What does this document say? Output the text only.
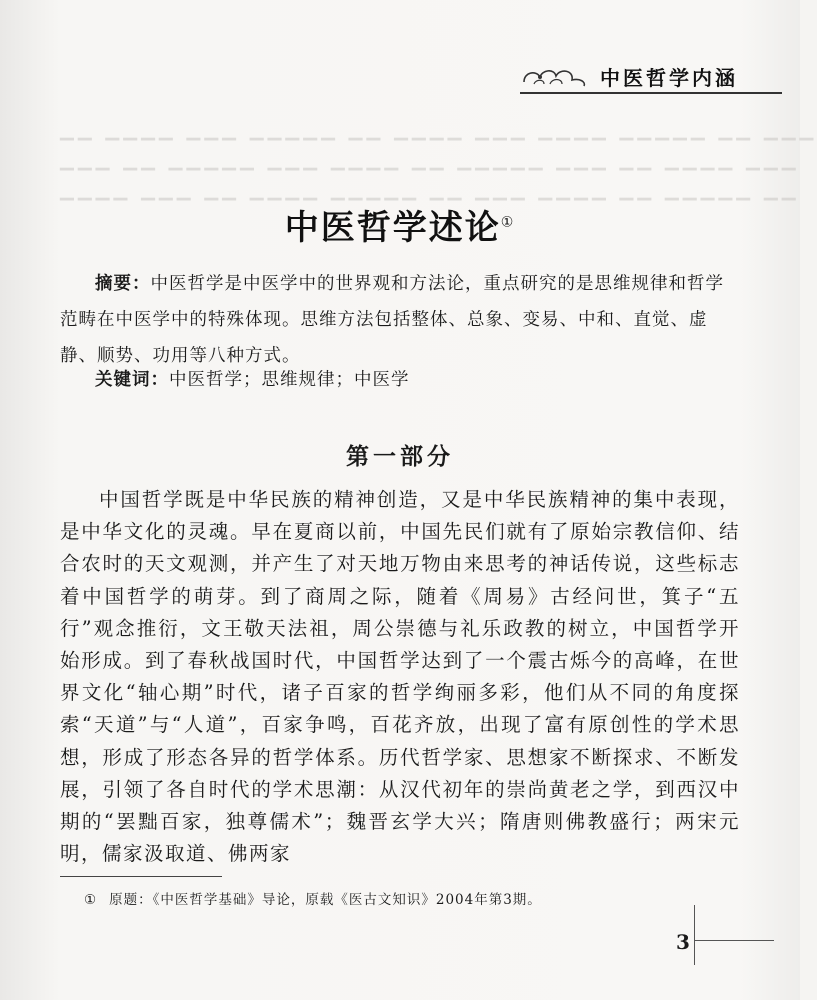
▁▁ ▁▁▁▁ ▁▁▁ ▁▁▁▁▁ ▁▁ ▁▁▁▁ ▁▁▁ ▁▁▁▁ ▁▁▁▁▁ ▁▁ ▁▁▁
▁▁▁ ▁▁ ▁▁▁▁▁ ▁▁▁ ▁▁▁▁ ▁▁ ▁▁▁▁▁ ▁▁▁ ▁▁ ▁▁▁▁ ▁▁▁
▁▁▁▁ ▁▁▁ ▁▁ ▁▁▁▁ ▁▁▁▁▁ ▁▁ ▁▁▁ ▁▁▁▁ ▁▁ ▁▁▁▁▁ ▁▁
中医哲学内涵
中医哲学述论①
摘要：中医哲学是中医学中的世界观和方法论，重点研究的是思维规律和哲学范畴在中医学中的特殊体现。思维方法包括整体、总象、变易、中和、直觉、虚静、顺势、功用等八种方式。
关键词：中医哲学；思维规律；中医学
第一部分
中国哲学既是中华民族的精神创造，又是中华民族精神的集中表现，是中华文化的灵魂。早在夏商以前，中国先民们就有了原始宗教信仰、结合农时的天文观测，并产生了对天地万物由来思考的神话传说，这些标志着中国哲学的萌芽。到了商周之际，随着《周易》古经问世，箕子“五行”观念推衍，文王敬天法祖，周公崇德与礼乐政教的树立，中国哲学开始形成。到了春秋战国时代，中国哲学达到了一个震古烁今的高峰，在世界文化“轴心期”时代，诸子百家的哲学绚丽多彩，他们从不同的角度探索“天道”与“人道”，百家争鸣，百花齐放，出现了富有原创性的学术思想，形成了形态各异的哲学体系。历代哲学家、思想家不断探求、不断发展，引领了各自时代的学术思潮：从汉代初年的崇尚黄老之学，到西汉中期的“罢黜百家，独尊儒术”；魏晋玄学大兴；隋唐则佛教盛行；两宋元明，儒家汲取道、佛两家
① 原题：《中医哲学基础》导论，原载《医古文知识》2004年第3期。
3
